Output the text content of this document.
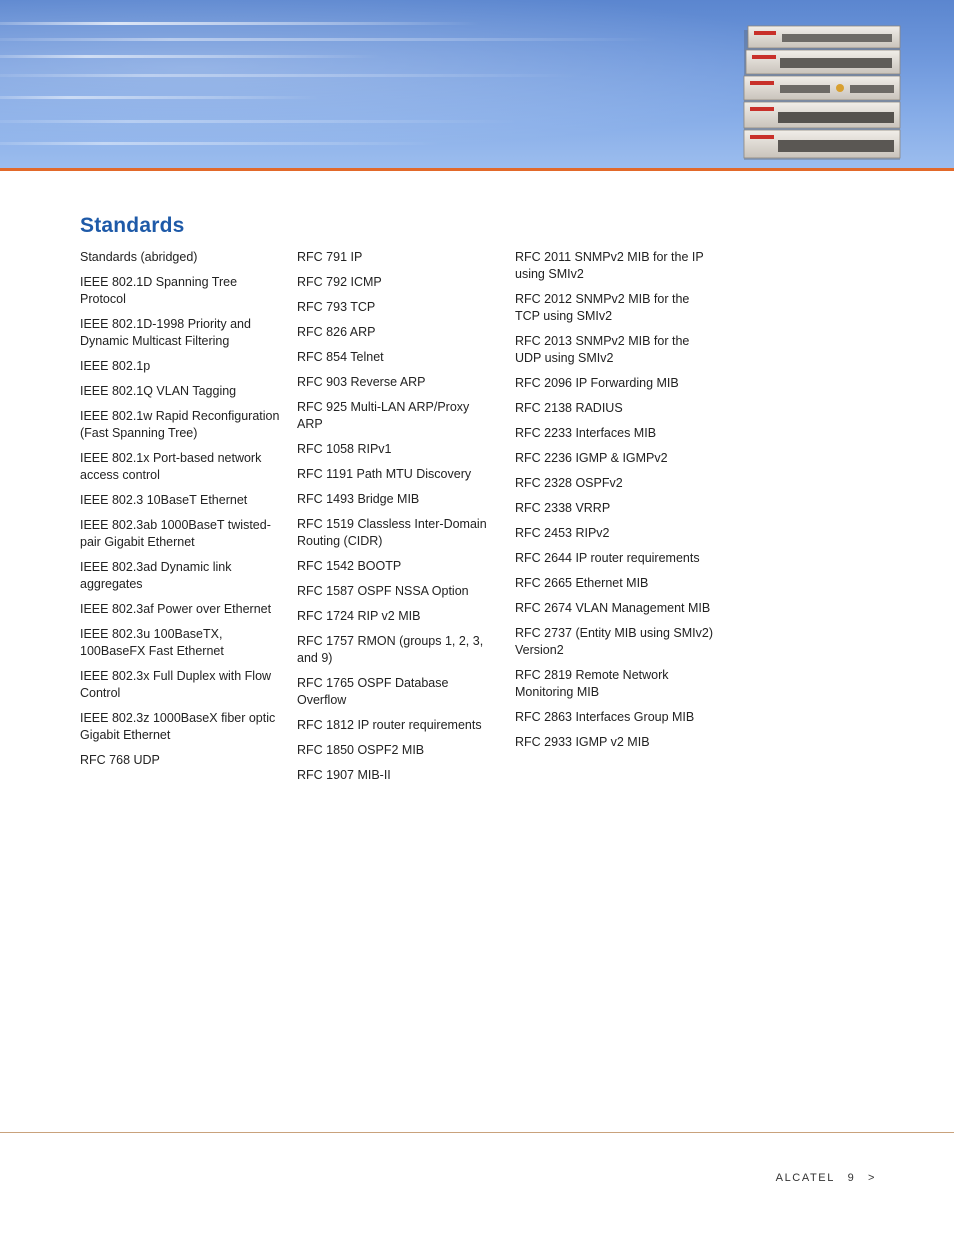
Standards

Standards (abridged)

IEEE 802.1D Spanning Tree Protocol

IEEE 802.1D-1998 Priority and Dynamic Multicast Filtering

IEEE 802.1p

IEEE 802.1Q VLAN Tagging

IEEE 802.1w Rapid Reconfiguration (Fast Spanning Tree)

IEEE 802.1x Port-based network access control

IEEE 802.3 10BaseT Ethernet

IEEE 802.3ab 1000BaseT twisted-pair Gigabit Ethernet

IEEE 802.3ad Dynamic link aggregates

IEEE 802.3af Power over Ethernet

IEEE 802.3u 100BaseTX, 100BaseFX Fast Ethernet

IEEE 802.3x Full Duplex with Flow Control

IEEE 802.3z 1000BaseX fiber optic Gigabit Ethernet

RFC 768 UDP

RFC 791 IP

RFC 792 ICMP

RFC 793 TCP

RFC 826 ARP

RFC 854 Telnet

RFC 903 Reverse ARP

RFC 925 Multi-LAN ARP/Proxy ARP

RFC 1058 RIPv1

RFC 1191 Path MTU Discovery

RFC 1493 Bridge MIB

RFC 1519 Classless Inter-Domain Routing (CIDR)

RFC 1542 BOOTP

RFC 1587 OSPF NSSA Option

RFC 1724 RIP v2 MIB

RFC 1757 RMON (groups 1, 2, 3, and 9)

RFC 1765 OSPF Database Overflow

RFC 1812 IP router requirements

RFC 1850 OSPF2 MIB

RFC 1907 MIB-II

RFC 2011 SNMPv2 MIB for the IP using SMIv2

RFC 2012 SNMPv2 MIB for the TCP using SMIv2

RFC 2013 SNMPv2 MIB for the UDP using SMIv2

RFC 2096 IP Forwarding MIB

RFC 2138 RADIUS

RFC 2233 Interfaces MIB

RFC 2236 IGMP & IGMPv2

RFC 2328 OSPFv2

RFC 2338 VRRP

RFC 2453 RIPv2

RFC 2644 IP router requirements

RFC 2665 Ethernet MIB

RFC 2674 VLAN Management MIB

RFC 2737 (Entity MIB using SMIv2) Version2

RFC 2819 Remote Network Monitoring MIB

RFC 2863 Interfaces Group MIB

RFC 2933 IGMP v2 MIB

ALCATEL 9 >
